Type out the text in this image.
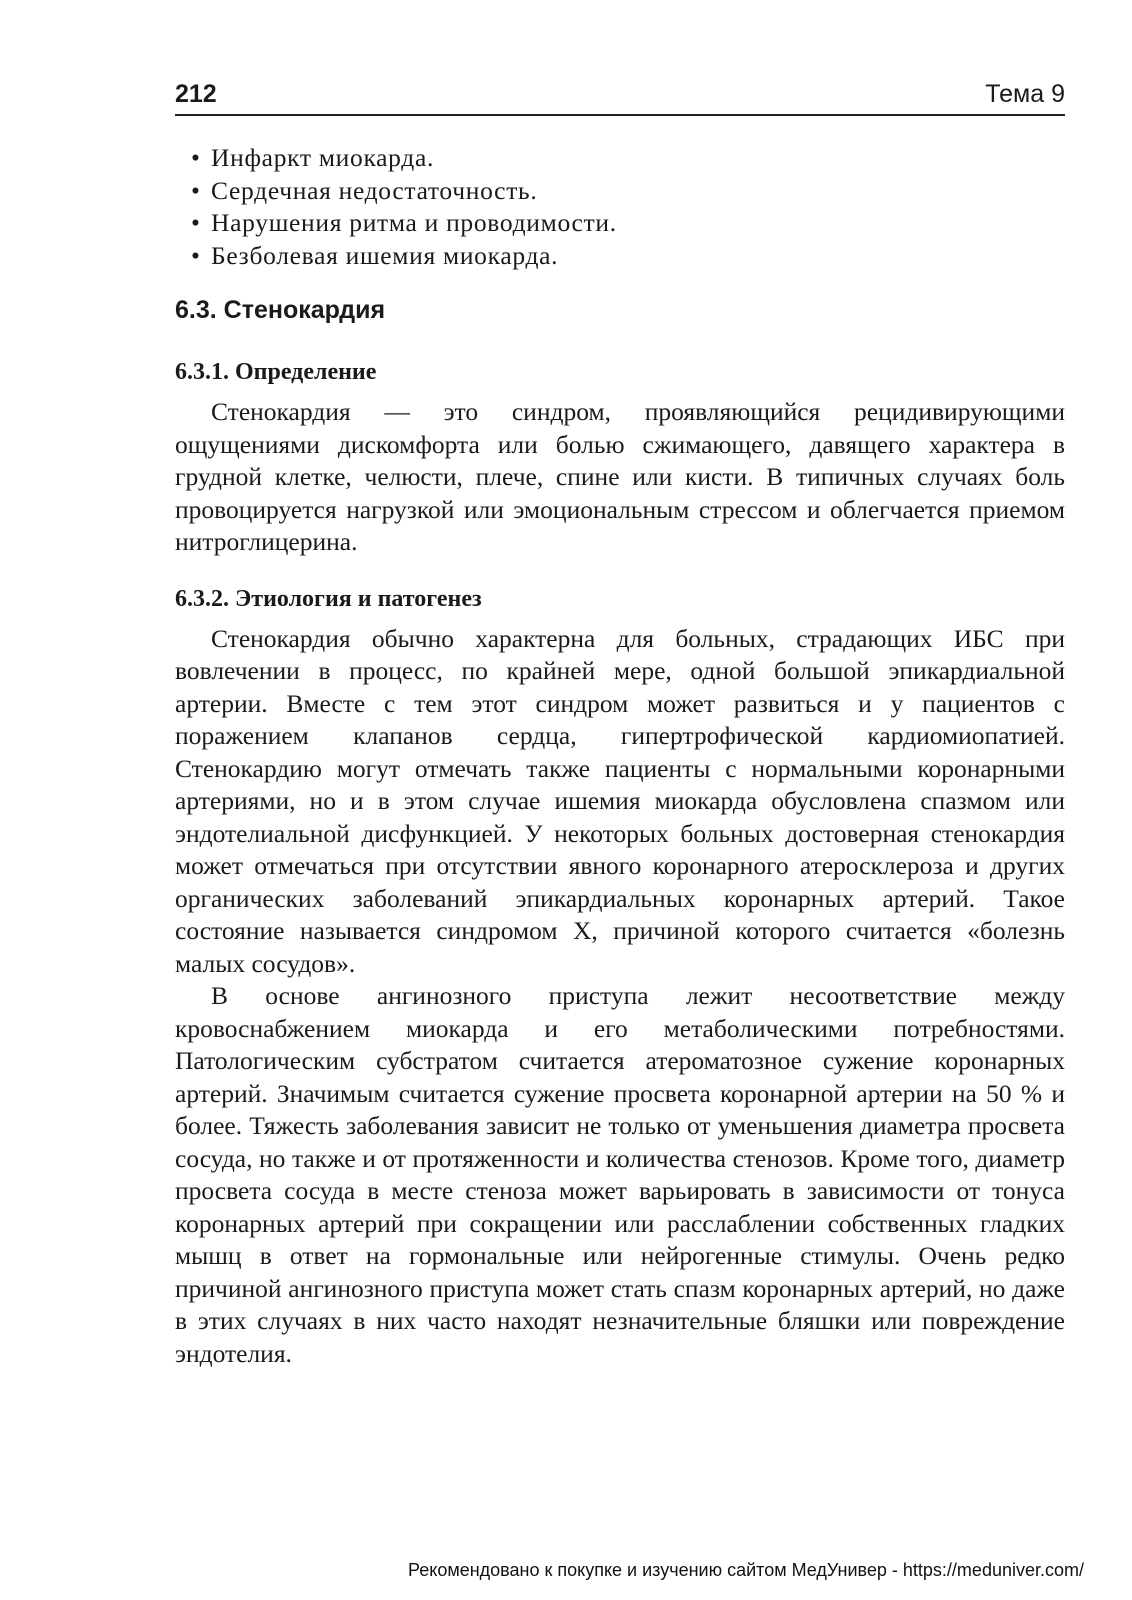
212	Тема 9
• Инфаркт миокарда.
• Сердечная недостаточность.
• Нарушения ритма и проводимости.
• Безболевая ишемия миокарда.
6.3. Стенокардия
6.3.1. Определение

Стенокардия — это синдром, проявляющийся рецидивирующими ощущениями дискомфорта или болью сжимающего, давящего характера в грудной клетке, челюсти, плече, спине или кисти. В типичных случаях боль провоцируется нагрузкой или эмоциональным стрессом и облегчается приемом нитроглицерина.

6.3.2. Этиология и патогенез

Стенокардия обычно характерна для больных, страдающих ИБС при вовлечении в процесс, по крайней мере, одной большой эпикардиальной артерии. Вместе с тем этот синдром может развиться и у пациентов с поражением клапанов сердца, гипертрофической кардиомиопатией. Стенокардию могут отмечать также пациенты с нормальными коронарными артериями, но и в этом случае ишемия миокарда обусловлена спазмом или эндотелиальной дисфункцией. У некоторых больных достоверная стенокардия может отмечаться при отсутствии явного коронарного атеросклероза и других органических заболеваний эпикардиальных коронарных артерий. Такое состояние называется синдромом X, причиной которого считается «болезнь малых сосудов».

В основе ангинозного приступа лежит несоответствие между кровоснабжением миокарда и его метаболическими потребностями. Патологическим субстратом считается атероматозное сужение коронарных артерий. Значимым считается сужение просвета коронарной артерии на 50 % и более. Тяжесть заболевания зависит не только от уменьшения диаметра просвета сосуда, но также и от протяженности и количества стенозов. Кроме того, диаметр просвета сосуда в месте стеноза может варьировать в зависимости от тонуса коронарных артерий при сокращении или расслаблении собственных гладких мышц в ответ на гормональные или нейрогенные стимулы. Очень редко причиной ангинозного приступа может стать спазм коронарных артерий, но даже в этих случаях в них часто находят незначительные бляшки или повреждение эндотелия.

Рекомендовано к покупке и изучению сайтом МедУнивер - https://meduniver.com/
